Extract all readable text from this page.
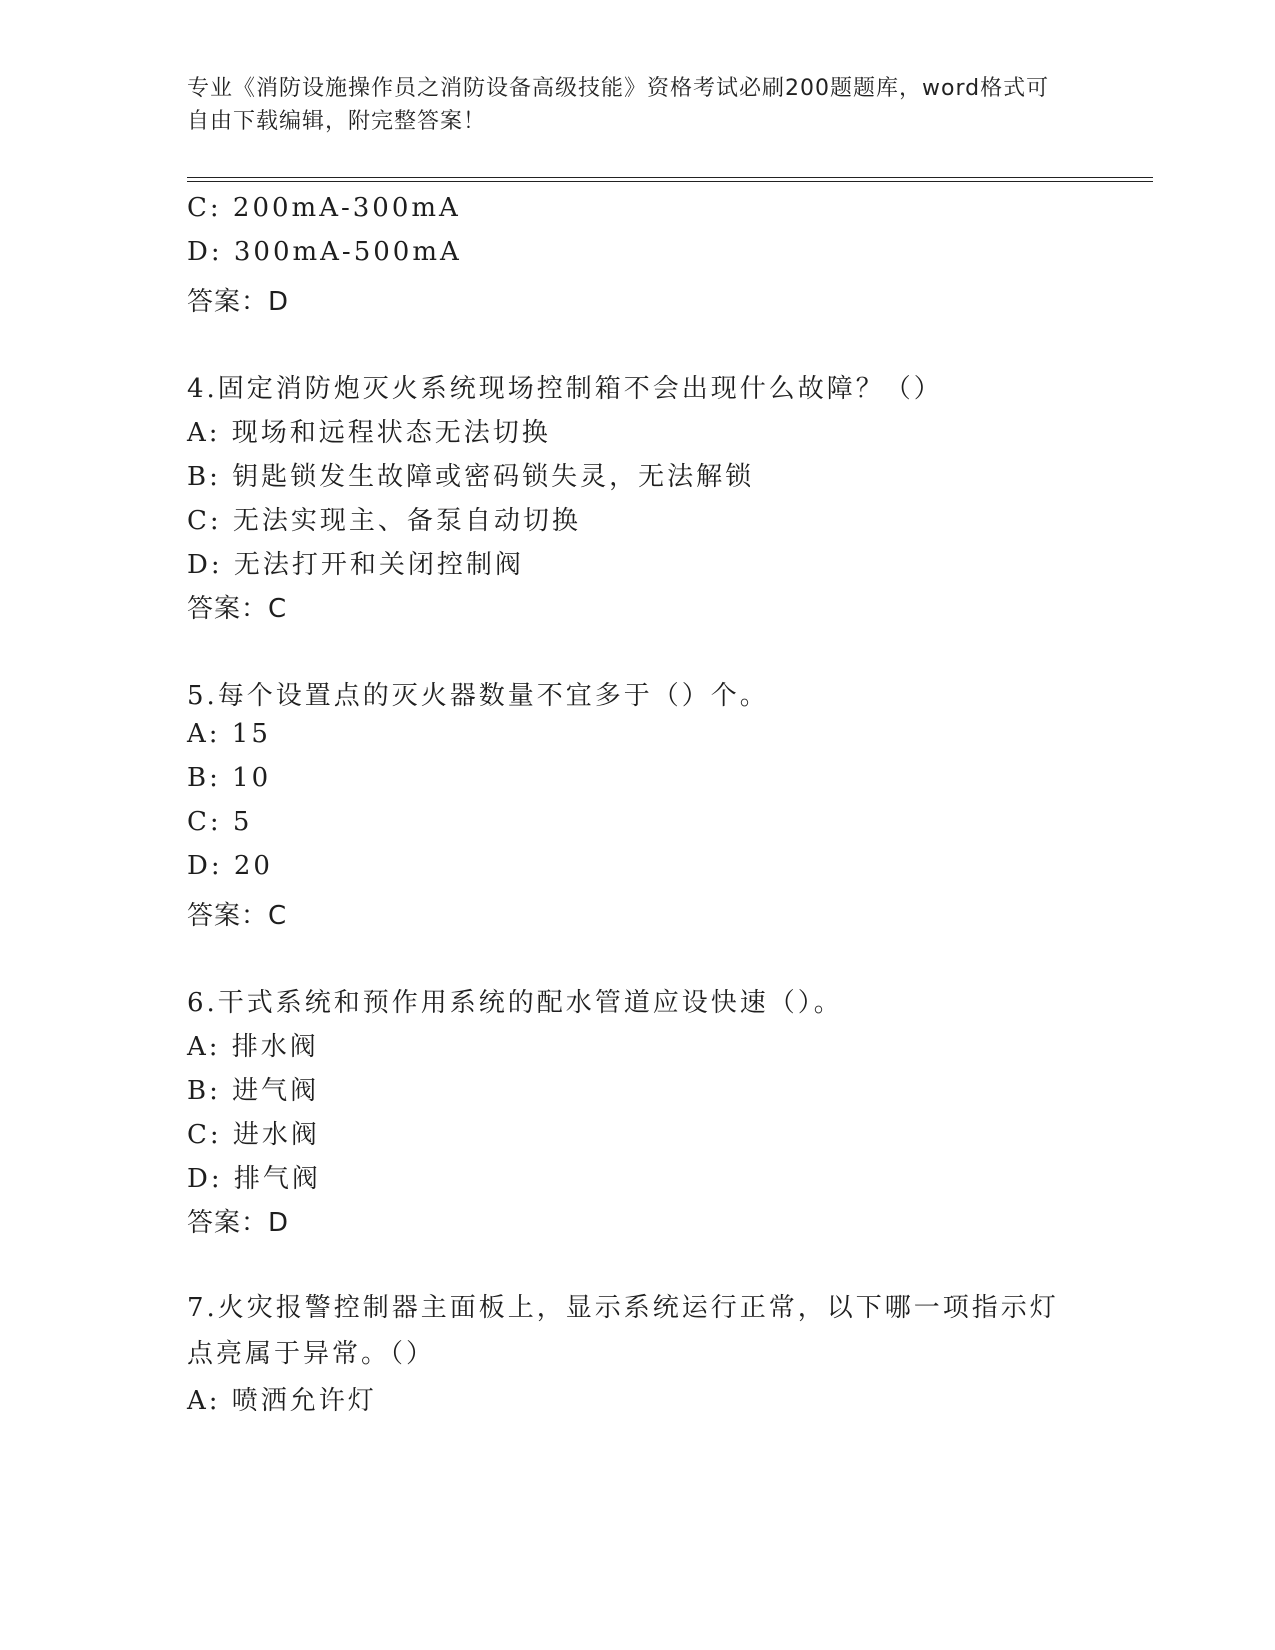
专业《消防设施操作员之消防设备高级技能》资格考试必刷200题题库，word格式可自由下载编辑，附完整答案！
C: 200mA-300mA
D: 300mA-500mA
答案：D
4.固定消防炮灭火系统现场控制箱不会出现什么故障？（）
A: 现场和远程状态无法切换
B: 钥匙锁发生故障或密码锁失灵，无法解锁
C: 无法实现主、备泵自动切换
D: 无法打开和关闭控制阀
答案：C
5.每个设置点的灭火器数量不宜多于（）个。
A: 15
B: 10
C: 5
D: 20
答案：C
6.干式系统和预作用系统的配水管道应设快速（）。
A: 排水阀
B: 进气阀
C: 进水阀
D: 排气阀
答案：D
7.火灾报警控制器主面板上，显示系统运行正常，以下哪一项指示灯点亮属于异常。（）
A: 喷洒允许灯
